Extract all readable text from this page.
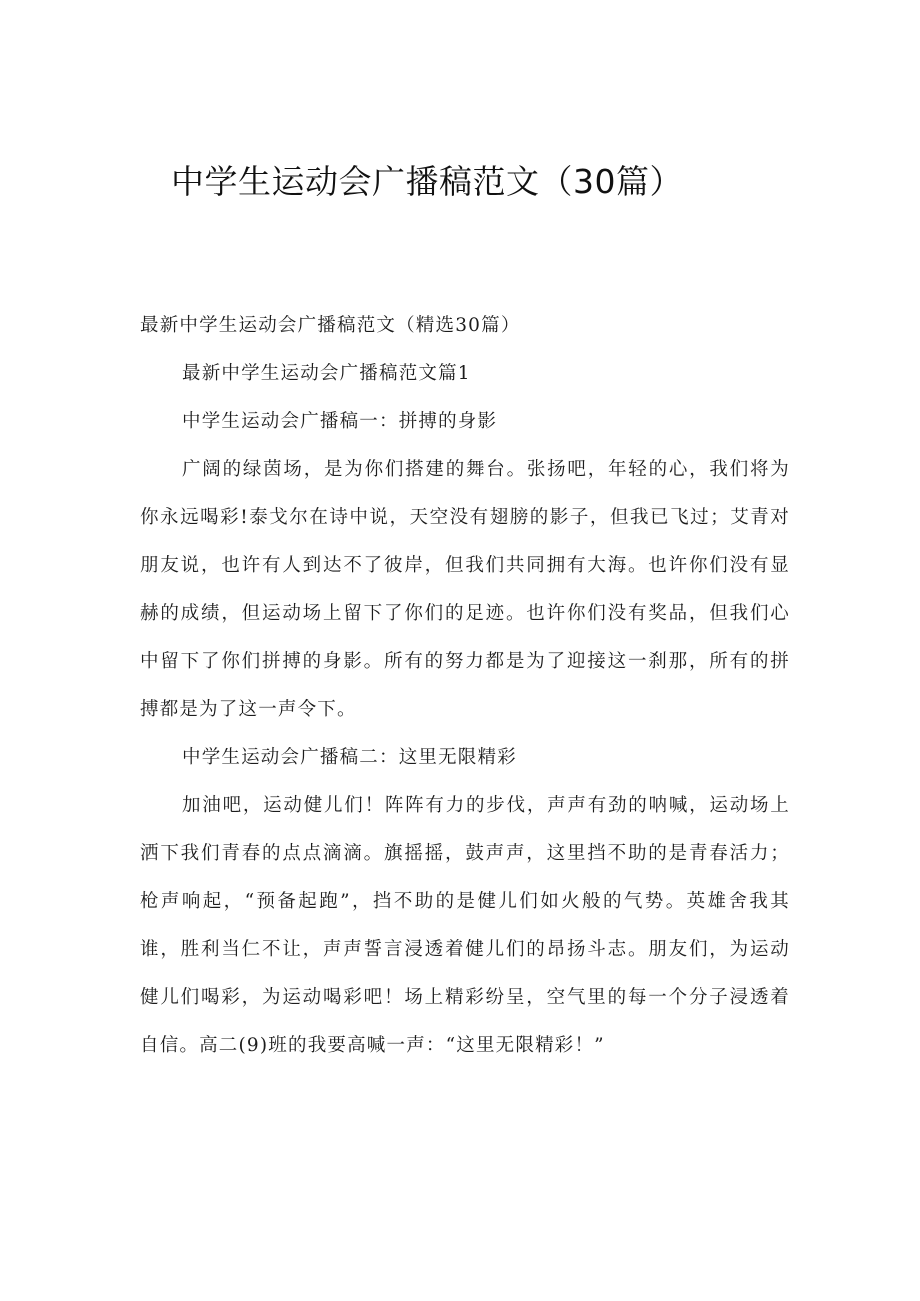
中学生运动会广播稿范文（30篇）

最新中学生运动会广播稿范文（精选30篇）

最新中学生运动会广播稿范文篇1

中学生运动会广播稿一：拼搏的身影

广阔的绿茵场，是为你们搭建的舞台。张扬吧，年轻的心，我们将为你永远喝彩!泰戈尔在诗中说，天空没有翅膀的影子，但我已飞过；艾青对朋友说，也许有人到达不了彼岸，但我们共同拥有大海。也许你们没有显赫的成绩，但运动场上留下了你们的足迹。也许你们没有奖品，但我们心中留下了你们拼搏的身影。所有的努力都是为了迎接这一刹那，所有的拼搏都是为了这一声令下。

中学生运动会广播稿二：这里无限精彩

加油吧，运动健儿们！阵阵有力的步伐，声声有劲的呐喊，运动场上洒下我们青春的点点滴滴。旗摇摇，鼓声声，这里挡不助的是青春活力；枪声响起，“预备起跑”，挡不助的是健儿们如火般的气势。英雄舍我其谁，胜利当仁不让，声声誓言浸透着健儿们的昂扬斗志。朋友们，为运动健儿们喝彩，为运动喝彩吧！场上精彩纷呈，空气里的每一个分子浸透着自信。高二(9)班的我要高喊一声：“这里无限精彩！”
